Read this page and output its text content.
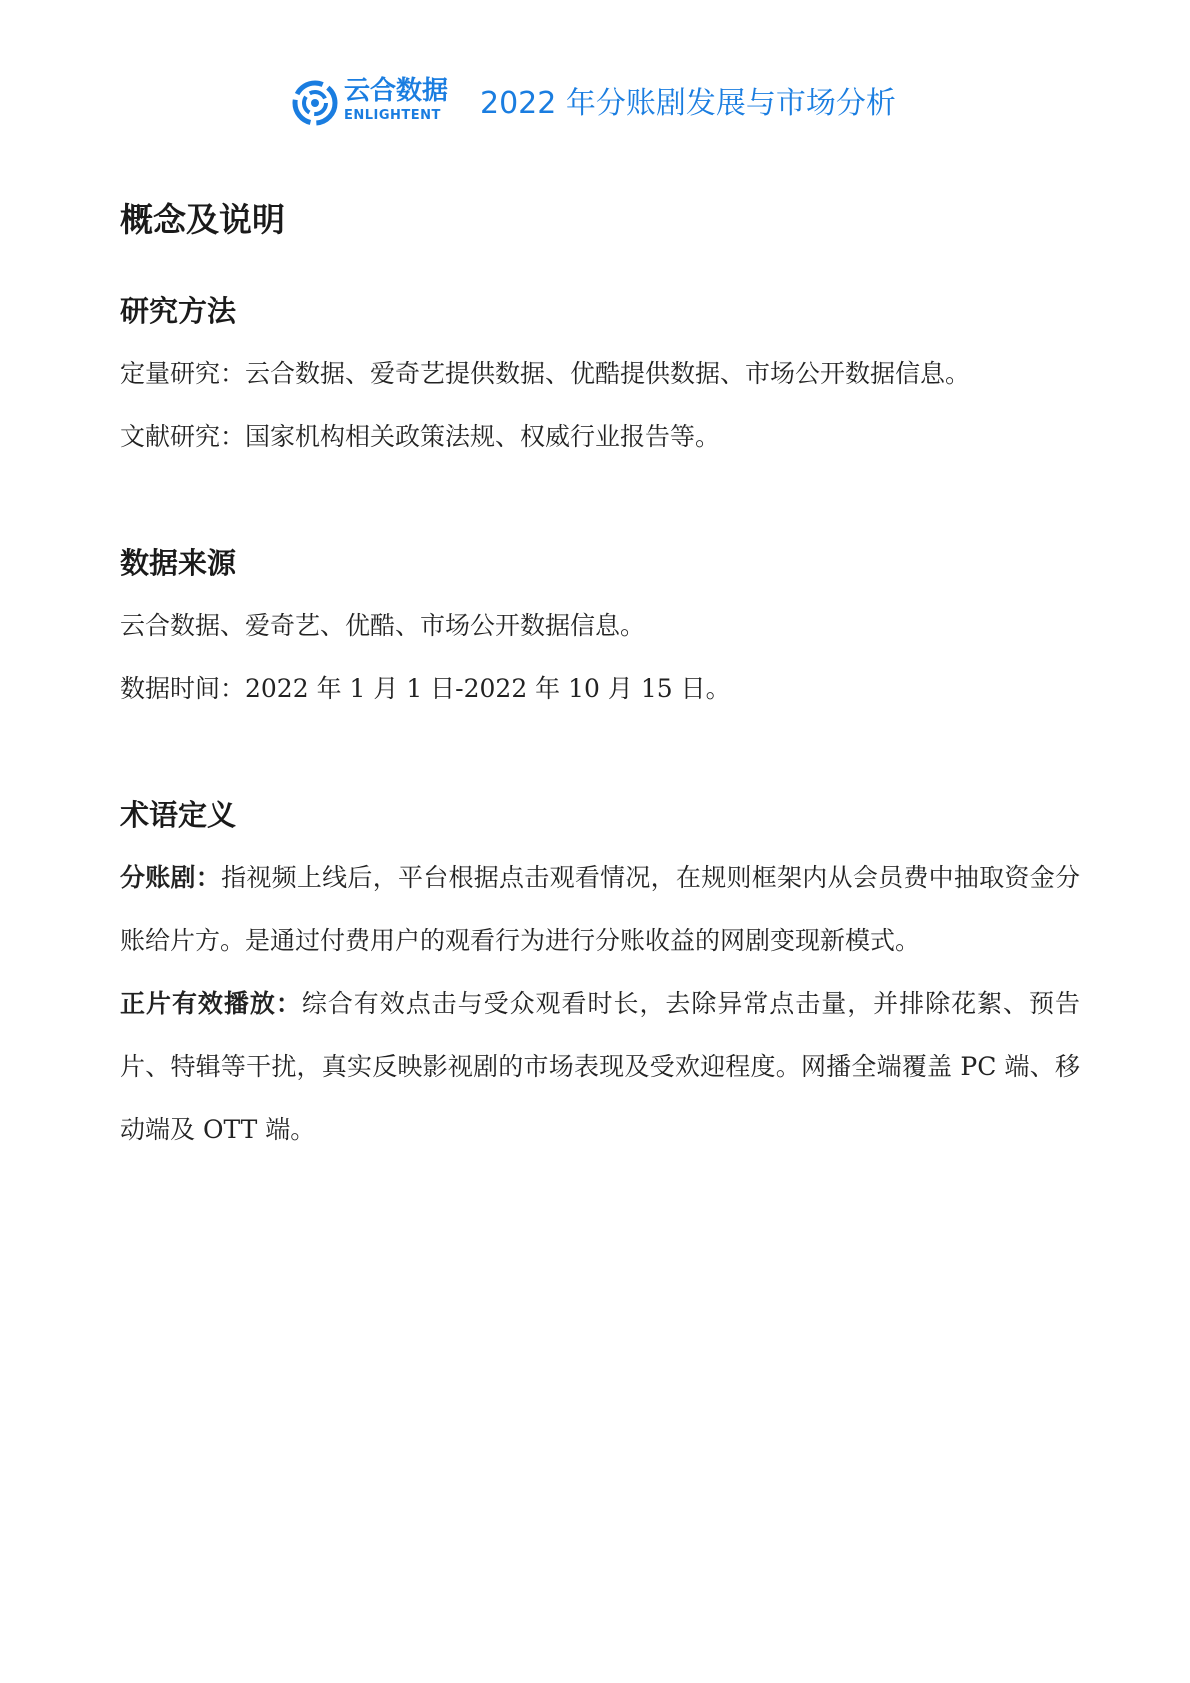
云合数据
ENLIGHTENT 2022 年分账剧发展与市场分析
概念及说明
研究方法

定量研究：云合数据、爱奇艺提供数据、优酷提供数据、市场公开数据信息。

文献研究：国家机构相关政策法规、权威行业报告等。

数据来源

云合数据、爱奇艺、优酷、市场公开数据信息。

数据时间：2022 年 1 月 1 日-2022 年 10 月 15 日。

术语定义

分账剧：指视频上线后，平台根据点击观看情况，在规则框架内从会员费中抽取资金分账给片方。是通过付费用户的观看行为进行分账收益的网剧变现新模式。

正片有效播放：综合有效点击与受众观看时长，去除异常点击量，并排除花絮、预告片、特辑等干扰，真实反映影视剧的市场表现及受欢迎程度。网播全端覆盖 PC 端、移动端及 OTT 端。
